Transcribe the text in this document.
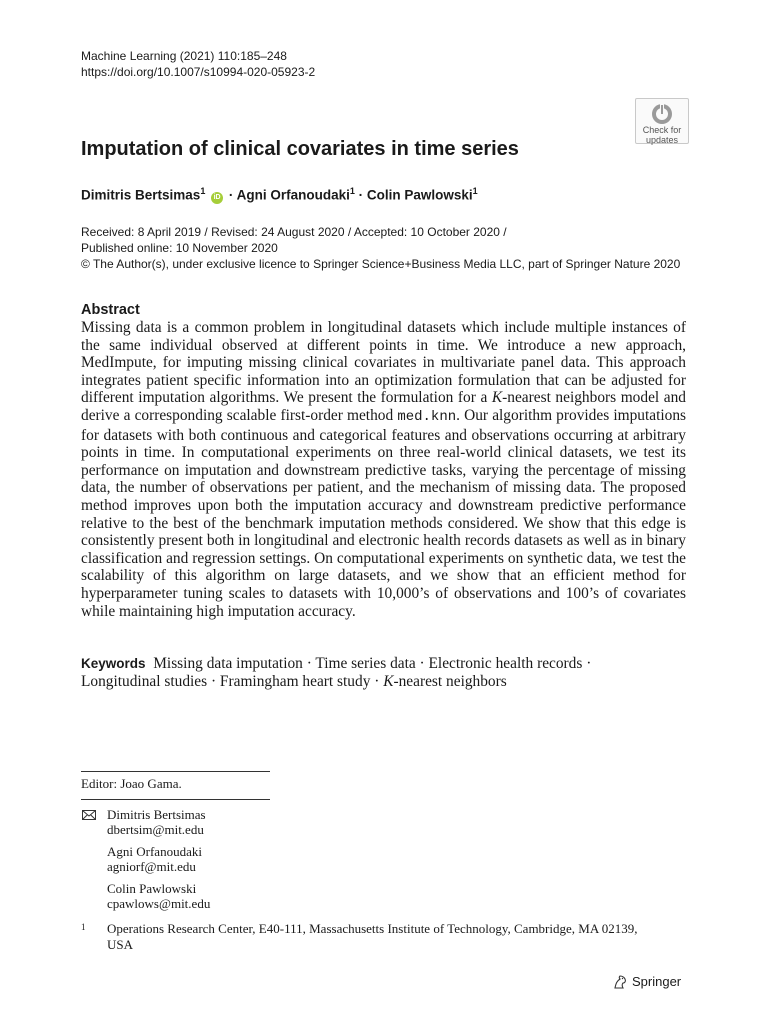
Machine Learning (2021) 110:185–248
https://doi.org/10.1007/s10994-020-05923-2
Check for
updates
Imputation of clinical covariates in time series
Dimitris Bertsimas$^1$ iD · Agni Orfanoudaki$^1$ · Colin Pawlowski$^1$
Received: 8 April 2019 / Revised: 24 August 2020 / Accepted: 10 October 2020 /
Published online: 10 November 2020
© The Author(s), under exclusive licence to Springer Science+Business Media LLC, part of Springer Nature 2020
Abstract
Missing data is a common problem in longitudinal datasets which include multiple instances of the same individual observed at different points in time. We introduce a new approach, MedImpute, for imputing missing clinical covariates in multivariate panel data. This approach integrates patient specific information into an optimization formulation that can be adjusted for different imputation algorithms. We present the formulation for a K-nearest neighbors model and derive a corresponding scalable first-order method med.knn. Our algorithm provides imputations for datasets with both continuous and categorical features and observations occurring at arbitrary points in time. In computational experiments on three real-world clinical datasets, we test its performance on imputation and downstream predictive tasks, varying the percentage of missing data, the number of observations per patient, and the mechanism of missing data. The proposed method improves upon both the imputation accuracy and downstream predictive performance relative to the best of the benchmark imputation methods considered. We show that this edge is consistently present both in longitudinal and electronic health records datasets as well as in binary classification and regression settings. On computational experiments on synthetic data, we test the scalability of this algorithm on large datasets, and we show that an efficient method for hyperparameter tuning scales to datasets with 10,000’s of observations and 100’s of covariates while maintaining high imputation accuracy.
Keywords Missing data imputation · Time series data · Electronic health records ·
Longitudinal studies · Framingham heart study · K-nearest neighbors
Editor: Joao Gama.
Dimitris Bertsimas
dbertsim@mit.edu
Agni Orfanoudaki
agniorf@mit.edu
Colin Pawlowski
cpawlows@mit.edu
1 Operations Research Center, E40-111, Massachusetts Institute of Technology, Cambridge, MA 02139, USA
Springer
